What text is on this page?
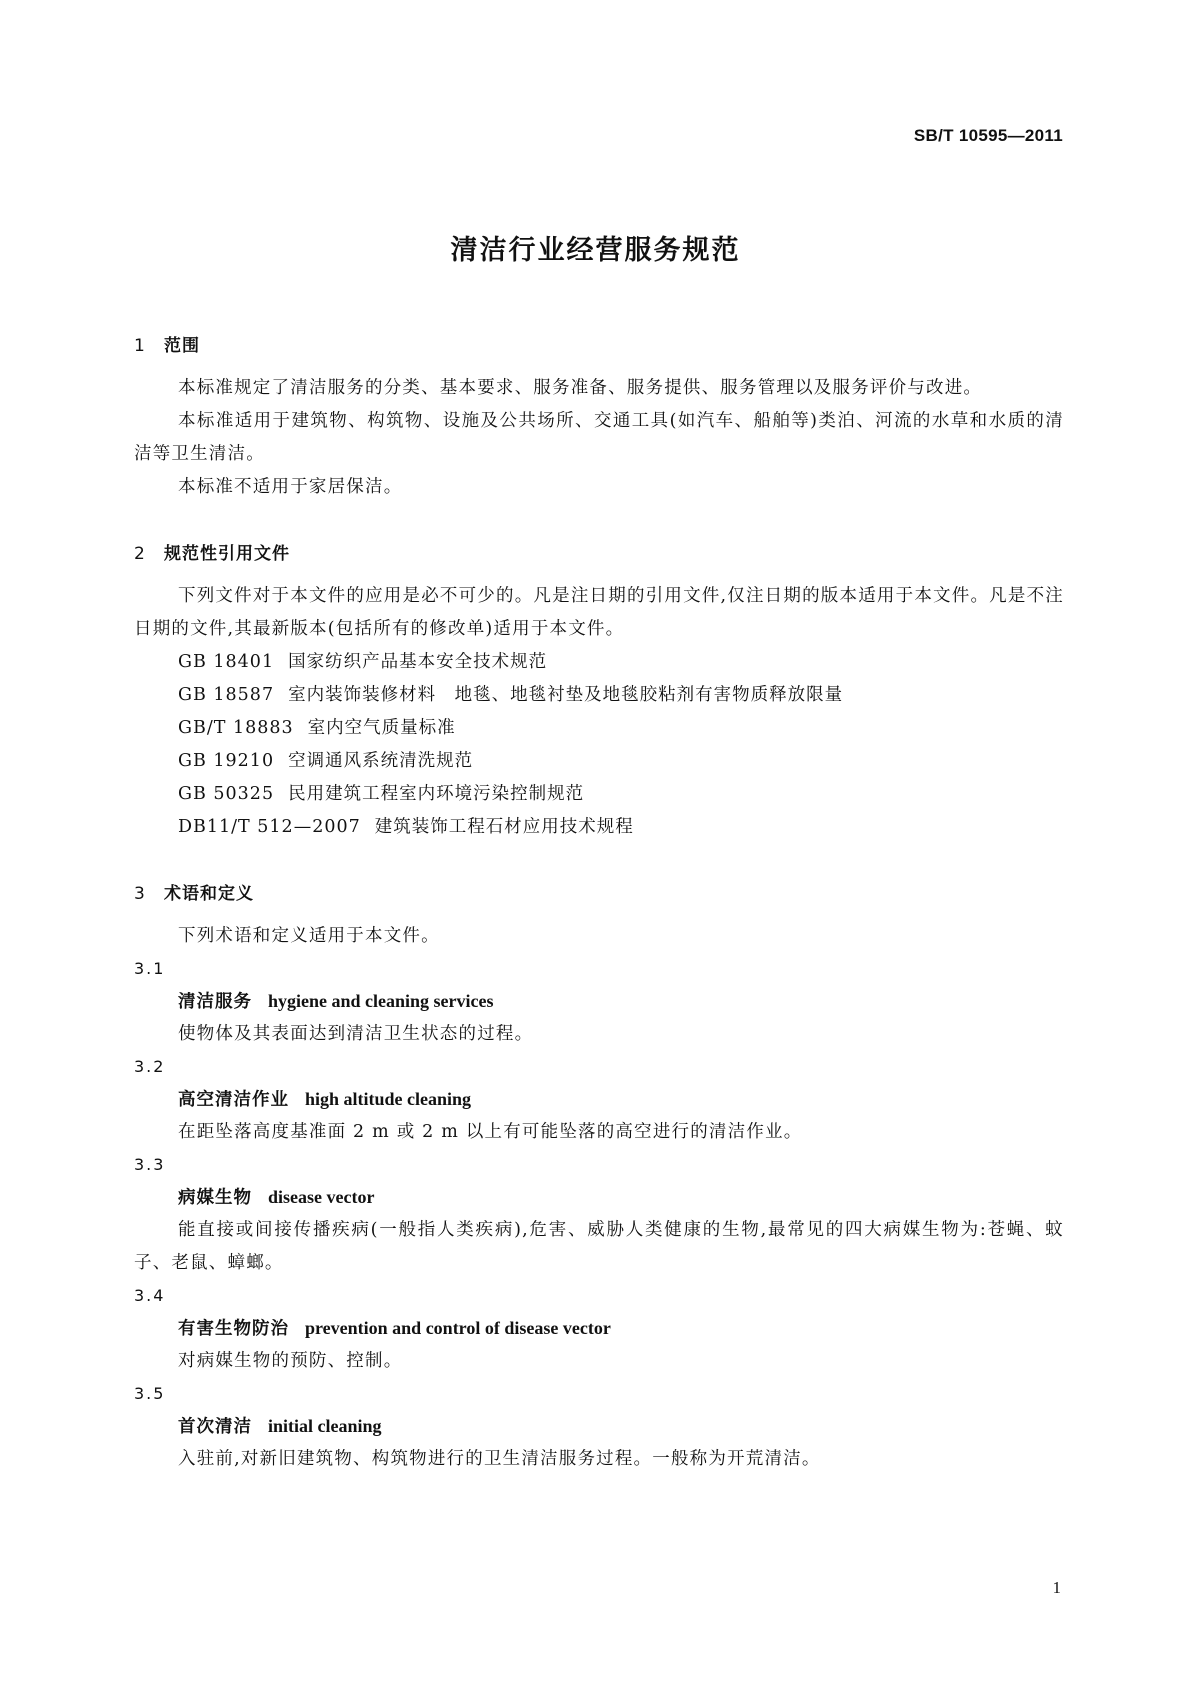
SB/T 10595—2011
清洁行业经营服务规范
1 范围
本标准规定了清洁服务的分类、基本要求、服务准备、服务提供、服务管理以及服务评价与改进。
本标准适用于建筑物、构筑物、设施及公共场所、交通工具(如汽车、船舶等)类泊、河流的水草和水质的清洁等卫生清洁。
本标准不适用于家居保洁。
2 规范性引用文件
下列文件对于本文件的应用是必不可少的。凡是注日期的引用文件,仅注日期的版本适用于本文件。凡是不注日期的文件,其最新版本(包括所有的修改单)适用于本文件。
GB 18401 国家纺织产品基本安全技术规范
GB 18587 室内装饰装修材料　地毯、地毯衬垫及地毯胶粘剂有害物质释放限量
GB/T 18883 室内空气质量标准
GB 19210 空调通风系统清洗规范
GB 50325 民用建筑工程室内环境污染控制规范
DB11/T 512—2007 建筑装饰工程石材应用技术规程
3 术语和定义
下列术语和定义适用于本文件。
3.1
清洁服务 hygiene and cleaning services
使物体及其表面达到清洁卫生状态的过程。
3.2
高空清洁作业 high altitude cleaning
在距坠落高度基准面 2 m 或 2 m 以上有可能坠落的高空进行的清洁作业。
3.3
病媒生物 disease vector
能直接或间接传播疾病(一般指人类疾病),危害、威胁人类健康的生物,最常见的四大病媒生物为:苍蝇、蚊子、老鼠、蟑螂。
3.4
有害生物防治 prevention and control of disease vector
对病媒生物的预防、控制。
3.5
首次清洁 initial cleaning
入驻前,对新旧建筑物、构筑物进行的卫生清洁服务过程。一般称为开荒清洁。
1
